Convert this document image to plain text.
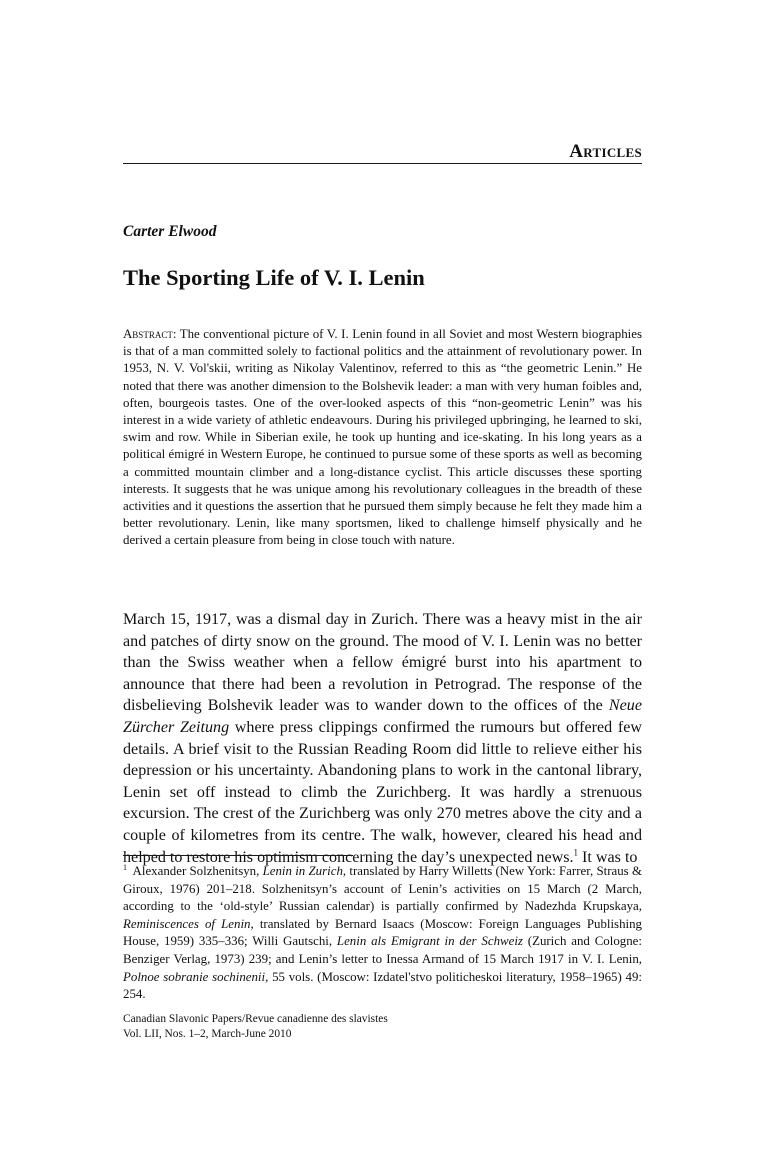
Articles
Carter Elwood
The Sporting Life of V. I. Lenin
Abstract: The conventional picture of V. I. Lenin found in all Soviet and most Western biographies is that of a man committed solely to factional politics and the attainment of revolutionary power. In 1953, N. V. Vol'skii, writing as Nikolay Valentinov, referred to this as “the geometric Lenin.” He noted that there was another dimension to the Bolshevik leader: a man with very human foibles and, often, bourgeois tastes. One of the over-looked aspects of this “non-geometric Lenin” was his interest in a wide variety of athletic endeavours. During his privileged upbringing, he learned to ski, swim and row. While in Siberian exile, he took up hunting and ice-skating. In his long years as a political émigré in Western Europe, he continued to pursue some of these sports as well as becoming a committed mountain climber and a long-distance cyclist. This article discusses these sporting interests. It suggests that he was unique among his revolutionary colleagues in the breadth of these activities and it questions the assertion that he pursued them simply because he felt they made him a better revolutionary. Lenin, like many sportsmen, liked to challenge himself physically and he derived a certain pleasure from being in close touch with nature.
March 15, 1917, was a dismal day in Zurich. There was a heavy mist in the air and patches of dirty snow on the ground. The mood of V. I. Lenin was no better than the Swiss weather when a fellow émigré burst into his apartment to announce that there had been a revolution in Petrograd. The response of the disbelieving Bolshevik leader was to wander down to the offices of the Neue Zürcher Zeitung where press clippings confirmed the rumours but offered few details. A brief visit to the Russian Reading Room did little to relieve either his depression or his uncertainty. Abandoning plans to work in the cantonal library, Lenin set off instead to climb the Zurichberg. It was hardly a strenuous excursion. The crest of the Zurichberg was only 270 metres above the city and a couple of kilometres from its centre. The walk, however, cleared his head and helped to restore his optimism concerning the day’s unexpected news.$^1$ It was to
$^1$ Alexander Solzhenitsyn, Lenin in Zurich, translated by Harry Willetts (New York: Farrer, Straus & Giroux, 1976) 201–218. Solzhenitsyn’s account of Lenin’s activities on 15 March (2 March, according to the ‘old-style’ Russian calendar) is partially confirmed by Nadezhda Krupskaya, Reminiscences of Lenin, translated by Bernard Isaacs (Moscow: Foreign Languages Publishing House, 1959) 335–336; Willi Gautschi, Lenin als Emigrant in der Schweiz (Zurich and Cologne: Benziger Verlag, 1973) 239; and Lenin’s letter to Inessa Armand of 15 March 1917 in V. I. Lenin, Polnoe sobranie sochinenii, 55 vols. (Moscow: Izdatel'stvo politicheskoi literatury, 1958–1965) 49: 254.
Canadian Slavonic Papers/Revue canadienne des slavistes
Vol. LII, Nos. 1–2, March-June 2010
